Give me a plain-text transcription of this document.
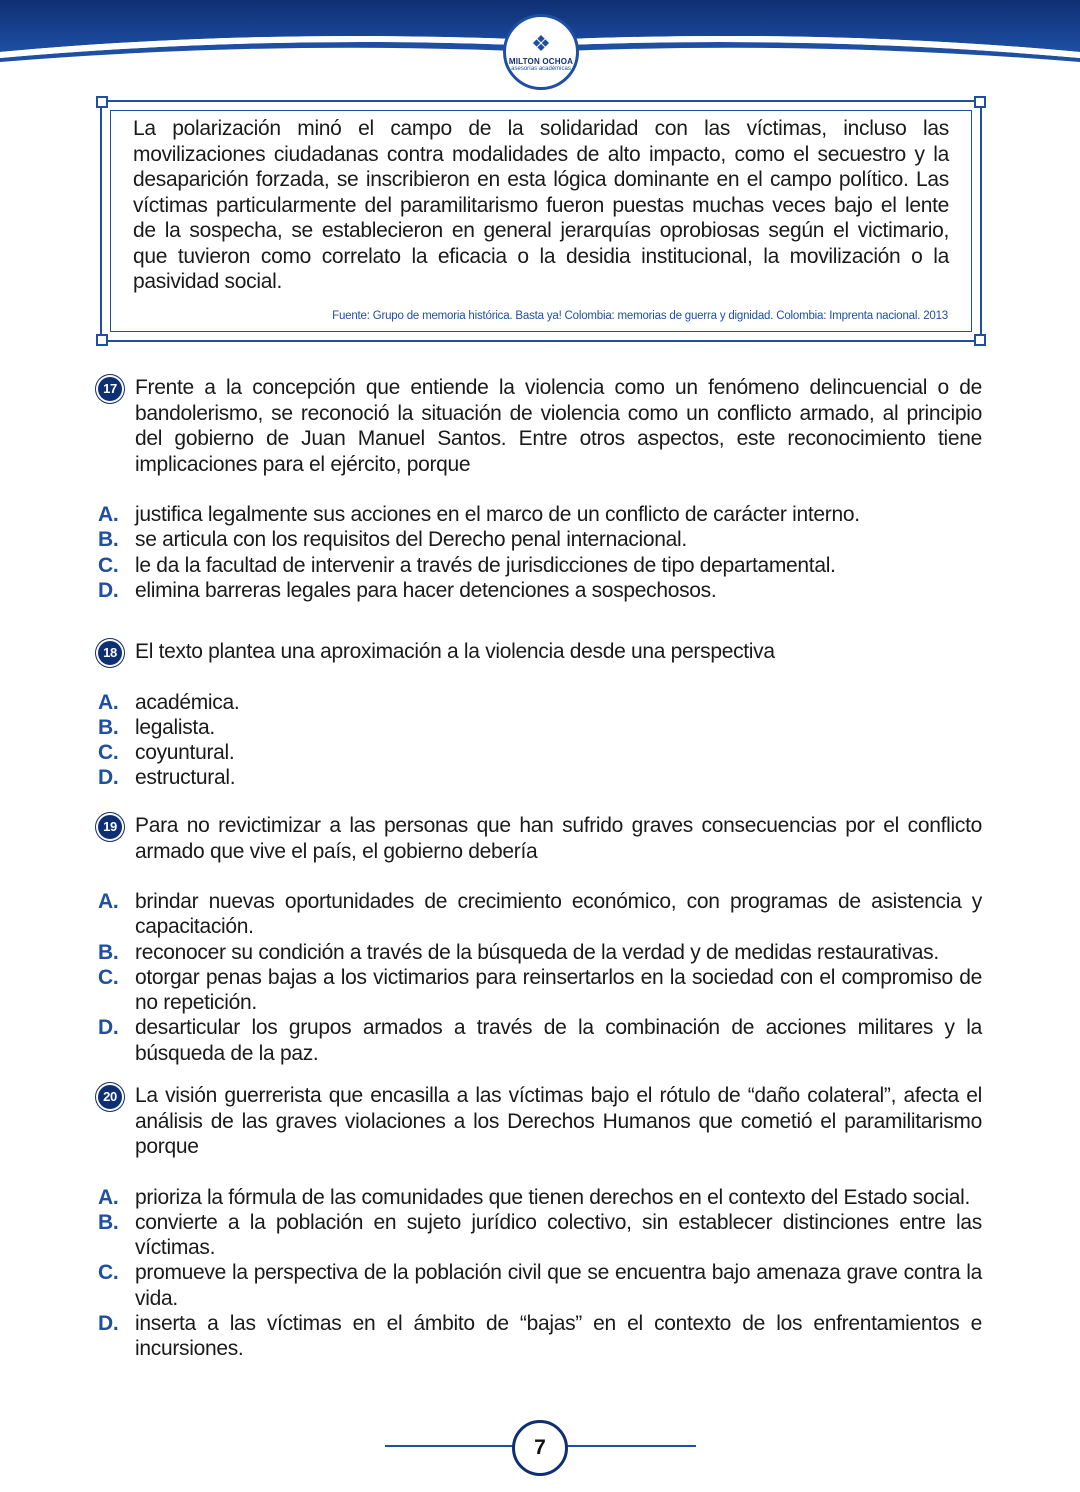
❖
MILTON OCHOA
asesorías académicas

La polarización minó el campo de la solidaridad con las víctimas, incluso las movilizaciones ciudadanas contra modalidades de alto impacto, como el secuestro y la desaparición forzada, se inscribieron en esta lógica dominante en el campo político. Las víctimas particularmente del paramilitarismo fueron puestas muchas veces bajo el lente de la sospecha, se establecieron en general jerarquías oprobiosas según el victimario, que tuvieron como correlato la eficacia o la desidia institucional, la movilización o la pasividad social.

Fuente: Grupo de memoria histórica. Basta ya! Colombia: memorias de guerra y dignidad. Colombia: Imprenta nacional. 2013

17 Frente a la concepción que entiende la violencia como un fenómeno delincuencial o de bandolerismo, se reconoció la situación de violencia como un conflicto armado, al principio del gobierno de Juan Manuel Santos. Entre otros aspectos, este reconocimiento tiene implicaciones para el ejército, porque
A. justifica legalmente sus acciones en el marco de un conflicto de carácter interno.
B. se articula con los requisitos del Derecho penal internacional.
C. le da la facultad de intervenir a través de jurisdicciones de tipo departamental.
D. elimina barreras legales para hacer detenciones a sospechosos.
18 El texto plantea una aproximación a la violencia desde una perspectiva
A. académica.
B. legalista.
C. coyuntural.
D. estructural.
19 Para no revictimizar a las personas que han sufrido graves consecuencias por el conflicto armado que vive el país, el gobierno debería
A. brindar nuevas oportunidades de crecimiento económico, con programas de asistencia y capacitación.
B. reconocer su condición a través de la búsqueda de la verdad y de medidas restaurativas.
C. otorgar penas bajas a los victimarios para reinsertarlos en la sociedad con el compromiso de no repetición.
D. desarticular los grupos armados a través de la combinación de acciones militares y la búsqueda de la paz.
20 La visión guerrerista que encasilla a las víctimas bajo el rótulo de “daño colateral”, afecta el análisis de las graves violaciones a los Derechos Humanos que cometió el paramilitarismo porque
A. prioriza la fórmula de las comunidades que tienen derechos en el contexto del Estado social.
B. convierte a la población en sujeto jurídico colectivo, sin establecer distinciones entre las víctimas.
C. promueve la perspectiva de la población civil que se encuentra bajo amenaza grave contra la vida.
D. inserta a las víctimas en el ámbito de “bajas” en el contexto de los enfrentamientos e incursiones.
7
